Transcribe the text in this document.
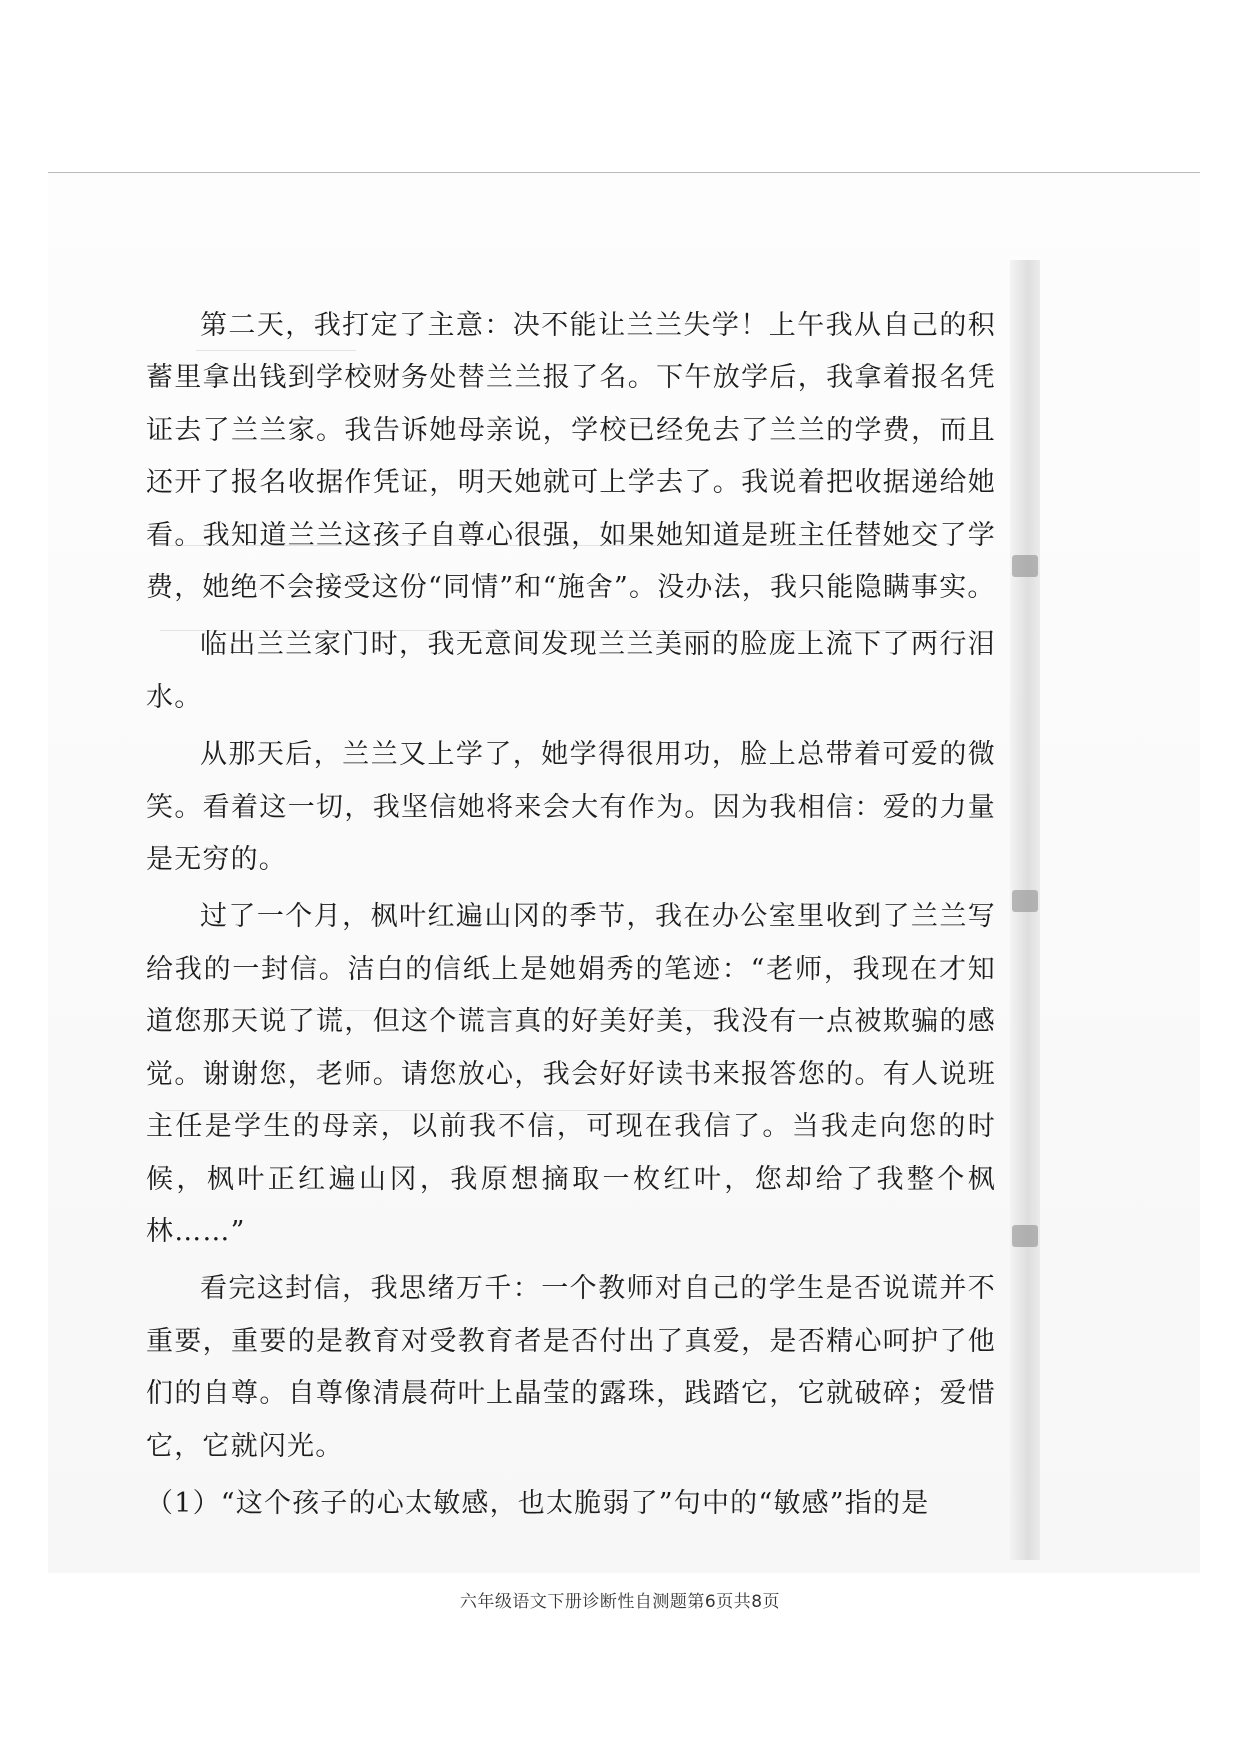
第二天，我打定了主意：决不能让兰兰失学！上午我从自己的积蓄里拿出钱到学校财务处替兰兰报了名。下午放学后，我拿着报名凭证去了兰兰家。我告诉她母亲说，学校已经免去了兰兰的学费，而且还开了报名收据作凭证，明天她就可上学去了。我说着把收据递给她看。我知道兰兰这孩子自尊心很强，如果她知道是班主任替她交了学费，她绝不会接受这份“同情”和“施舍”。没办法，我只能隐瞒事实。

临出兰兰家门时，我无意间发现兰兰美丽的脸庞上流下了两行泪水。

从那天后，兰兰又上学了，她学得很用功，脸上总带着可爱的微笑。看着这一切，我坚信她将来会大有作为。因为我相信：爱的力量是无穷的。

过了一个月，枫叶红遍山冈的季节，我在办公室里收到了兰兰写给我的一封信。洁白的信纸上是她娟秀的笔迹：“老师，我现在才知道您那天说了谎，但这个谎言真的好美好美，我没有一点被欺骗的感觉。谢谢您，老师。请您放心，我会好好读书来报答您的。有人说班主任是学生的母亲，以前我不信，可现在我信了。当我走向您的时候，枫叶正红遍山冈，我原想摘取一枚红叶，您却给了我整个枫林……”

看完这封信，我思绪万千：一个教师对自己的学生是否说谎并不重要，重要的是教育对受教育者是否付出了真爱，是否精心呵护了他们的自尊。自尊像清晨荷叶上晶莹的露珠，践踏它，它就破碎；爱惜它，它就闪光。

（1）“这个孩子的心太敏感，也太脆弱了”句中的“敏感”指的是

六年级语文下册诊断性自测题第6页共8页
